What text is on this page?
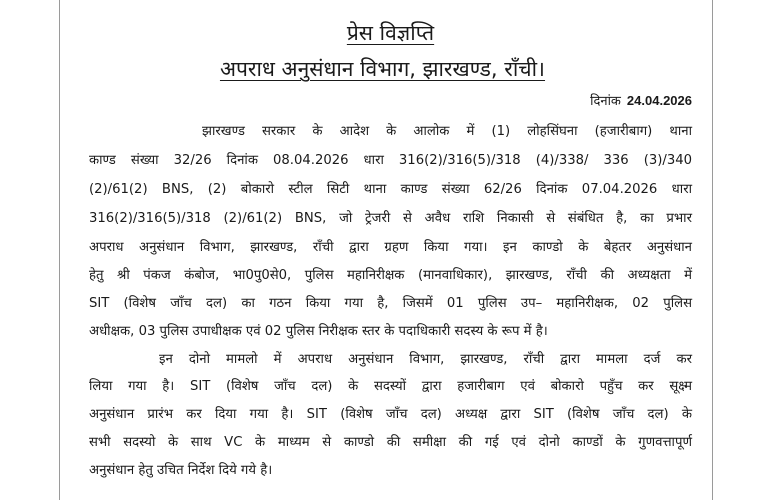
प्रेस विज्ञप्ति
अपराध अनुसंधान विभाग, झारखण्ड, राँची।
दिनांक 24.04.2026
झारखण्ड सरकार के आदेश के आलोक में (1) लोहसिंघना (हजारीबाग) थाना
काण्ड संख्या 32/26 दिनांक 08.04.2026 धारा 316(2)/316(5)/318 (4)/338/ 336 (3)/340
(2)/61(2) BNS, (2) बोकारो स्टील सिटी थाना काण्ड संख्या 62/26 दिनांक 07.04.2026 धारा
316(2)/316(5)/318 (2)/61(2) BNS, जो ट्रेजरी से अवैध राशि निकासी से संबंधित है, का प्रभार
अपराध अनुसंधान विभाग, झारखण्ड, राँची द्वारा ग्रहण किया गया। इन काण्डो के बेहतर अनुसंधान
हेतु श्री पंकज कंबोज, भा0पु0से0, पुलिस महानिरीक्षक (मानवाधिकार), झारखण्ड, राँची की अध्यक्षता में
SIT (विशेष जाँच दल) का गठन किया गया है, जिसमें 01 पुलिस उप– महानिरीक्षक, 02 पुलिस
अधीक्षक, 03 पुलिस उपाधीक्षक एवं 02 पुलिस निरीक्षक स्तर के पदाधिकारी सदस्य के रूप में है।
इन दोनो मामलो में अपराध अनुसंधान विभाग, झारखण्ड, राँची द्वारा मामला दर्ज कर
लिया गया है। SIT (विशेष जाँच दल) के सदस्यों द्वारा हजारीबाग एवं बोकारो पहुँच कर सूक्ष्म
अनुसंधान प्रारंभ कर दिया गया है। SIT (विशेष जाँच दल) अध्यक्ष द्वारा SIT (विशेष जाँच दल) के
सभी सदस्यो के साथ VC के माध्यम से काण्डो की समीक्षा की गई एवं दोनो काण्डों के गुणवत्तापूर्ण
अनुसंधान हेतु उचित निर्देश दिये गये है।
